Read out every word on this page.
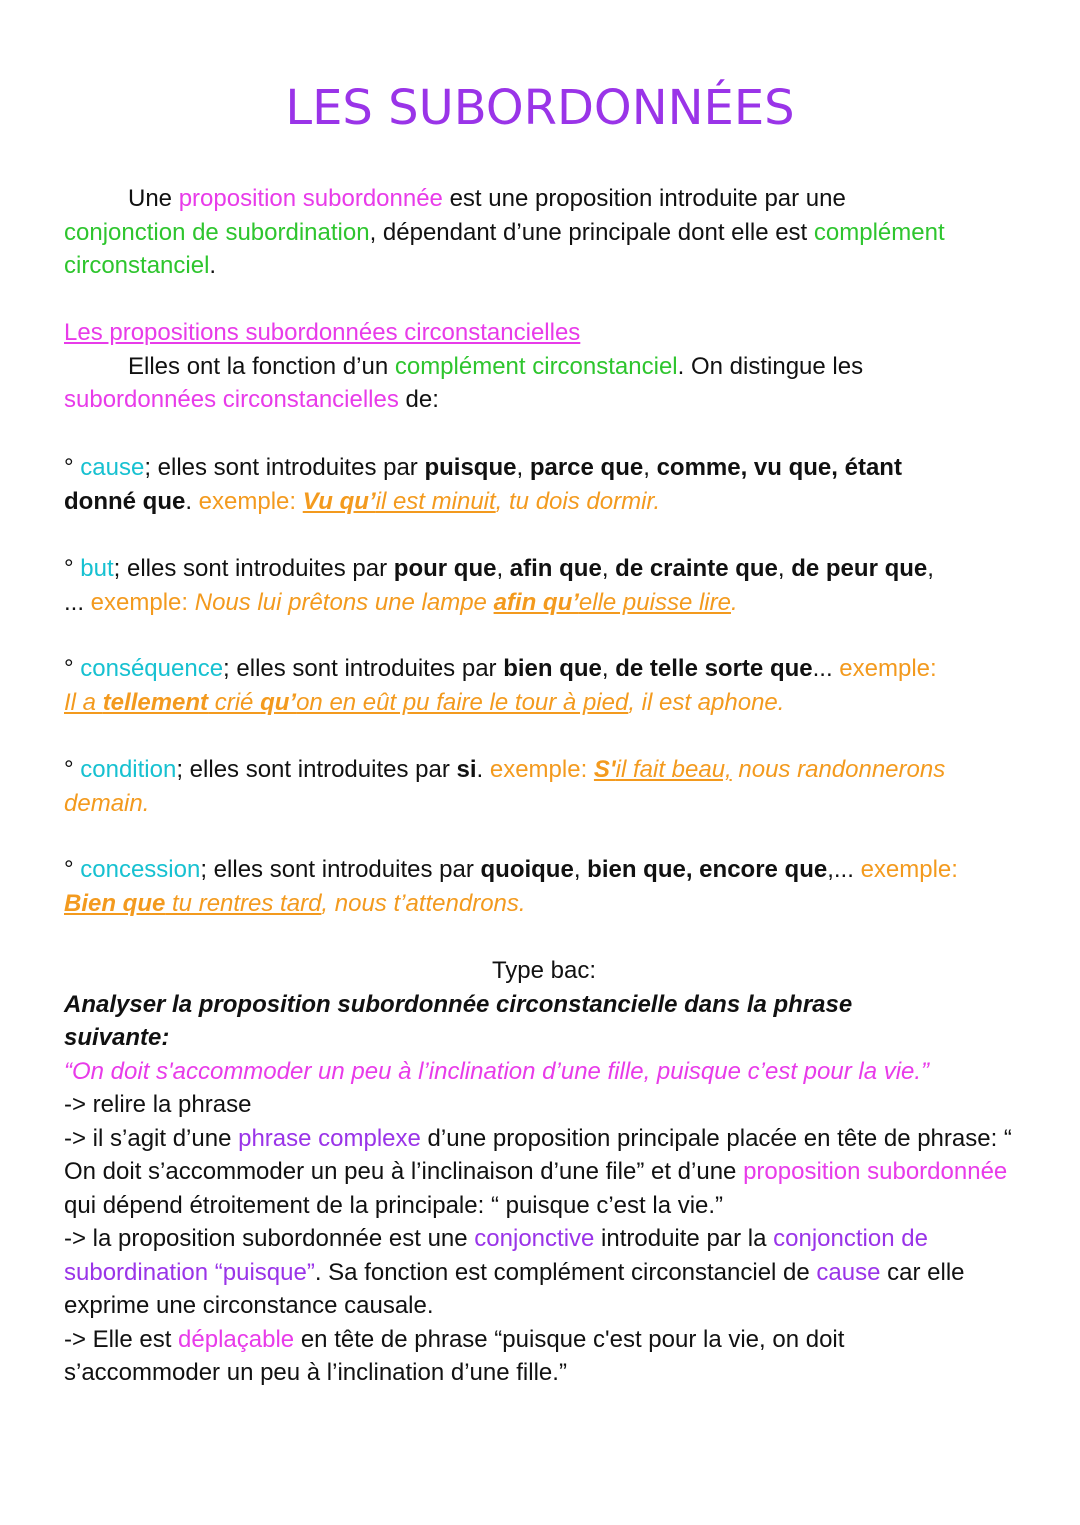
LES SUBORDONNÉES

Une proposition subordonnée est une proposition introduite par une
conjonction de subordination, dépendant d’une principale dont elle est complément
circonstanciel.

Les propositions subordonnées circonstancielles
Elles ont la fonction d’un complément circonstanciel. On distingue les
subordonnées circonstancielles de:

° cause; elles sont introduites par puisque, parce que, comme, vu que, étant
donné que. exemple: Vu qu’il est minuit, tu dois dormir.

° but; elles sont introduites par pour que, afin que, de crainte que, de peur que,
... exemple: Nous lui prêtons une lampe afin qu’elle puisse lire.

° conséquence; elles sont introduites par bien que, de telle sorte que... exemple:
Il a tellement crié qu’on en eût pu faire le tour à pied, il est aphone.

° condition; elles sont introduites par si. exemple: S'il fait beau, nous randonnerons
demain.

° concession; elles sont introduites par quoique, bien que, encore que,... exemple:
Bien que tu rentres tard, nous t’attendrons.

Type bac:
Analyser la proposition subordonnée circonstancielle dans la phrase suivante:
“On doit s'accommoder un peu à l’inclination d’une fille, puisque c’est pour la vie.”
-> relire la phrase
-> il s’agit d’une phrase complexe d’une proposition principale placée en tête de phrase: “ On doit s’accommoder un peu à l’inclinaison d’une file” et d’une proposition subordonnée qui dépend étroitement de la principale: “ puisque c’est la vie.”
-> la proposition subordonnée est une conjonctive introduite par la conjonction de subordination “puisque”. Sa fonction est complément circonstanciel de cause car elle exprime une circonstance causale.
-> Elle est déplaçable en tête de phrase “puisque c'est pour la vie, on doit s’accommoder un peu à l’inclination d’une fille.”
